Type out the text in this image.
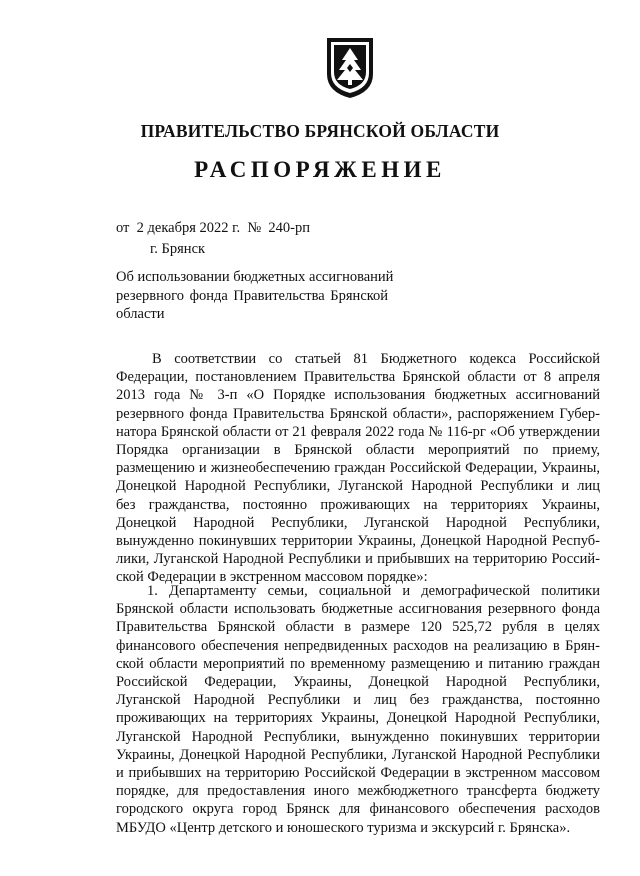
ПРАВИТЕЛЬСТВО БРЯНСКОЙ ОБЛАСТИ
РАСПОРЯЖЕНИЕ
от  2 декабря 2022 г.  №  240-рп
г. Брянск
Об использовании бюджетных ассигнований
резервного фонда Правительства Брянской
области
В соответствии со статьей 81 Бюджетного кодекса Российской
Федерации, постановлением Правительства Брянской области от 8 апреля
2013 года № 3-п «О Порядке использования бюджетных ассигнований
резервного фонда Правительства Брянской области», распоряжением Губер-
натора Брянской области от 21 февраля 2022 года № 116-рг «Об утверждении
Порядка организации в Брянской области мероприятий по приему,
размещению и жизнеобеспечению граждан Российской Федерации, Украины,
Донецкой Народной Республики, Луганской Народной Республики и лиц
без гражданства, постоянно проживающих на территориях Украины,
Донецкой Народной Республики, Луганской Народной Республики,
вынужденно покинувших территории Украины, Донецкой Народной Респуб-
лики, Луганской Народной Республики и прибывших на территорию Россий-
ской Федерации в экстренном массовом порядке»:
1. Департаменту семьи, социальной и демографической политики
Брянской области использовать бюджетные ассигнования резервного фонда
Правительства Брянской области в размере 120 525,72 рубля в целях
финансового обеспечения непредвиденных расходов на реализацию в Брян-
ской области мероприятий по временному размещению и питанию граждан
Российской Федерации, Украины, Донецкой Народной Республики,
Луганской Народной Республики и лиц без гражданства, постоянно
проживающих на территориях Украины, Донецкой Народной Республики,
Луганской Народной Республики, вынужденно покинувших территории
Украины, Донецкой Народной Республики, Луганской Народной Республики
и прибывших на территорию Российской Федерации в экстренном массовом
порядке, для предоставления иного межбюджетного трансферта бюджету
городского округа город Брянск для финансового обеспечения расходов
МБУДО «Центр детского и юношеского туризма и экскурсий г. Брянска».
